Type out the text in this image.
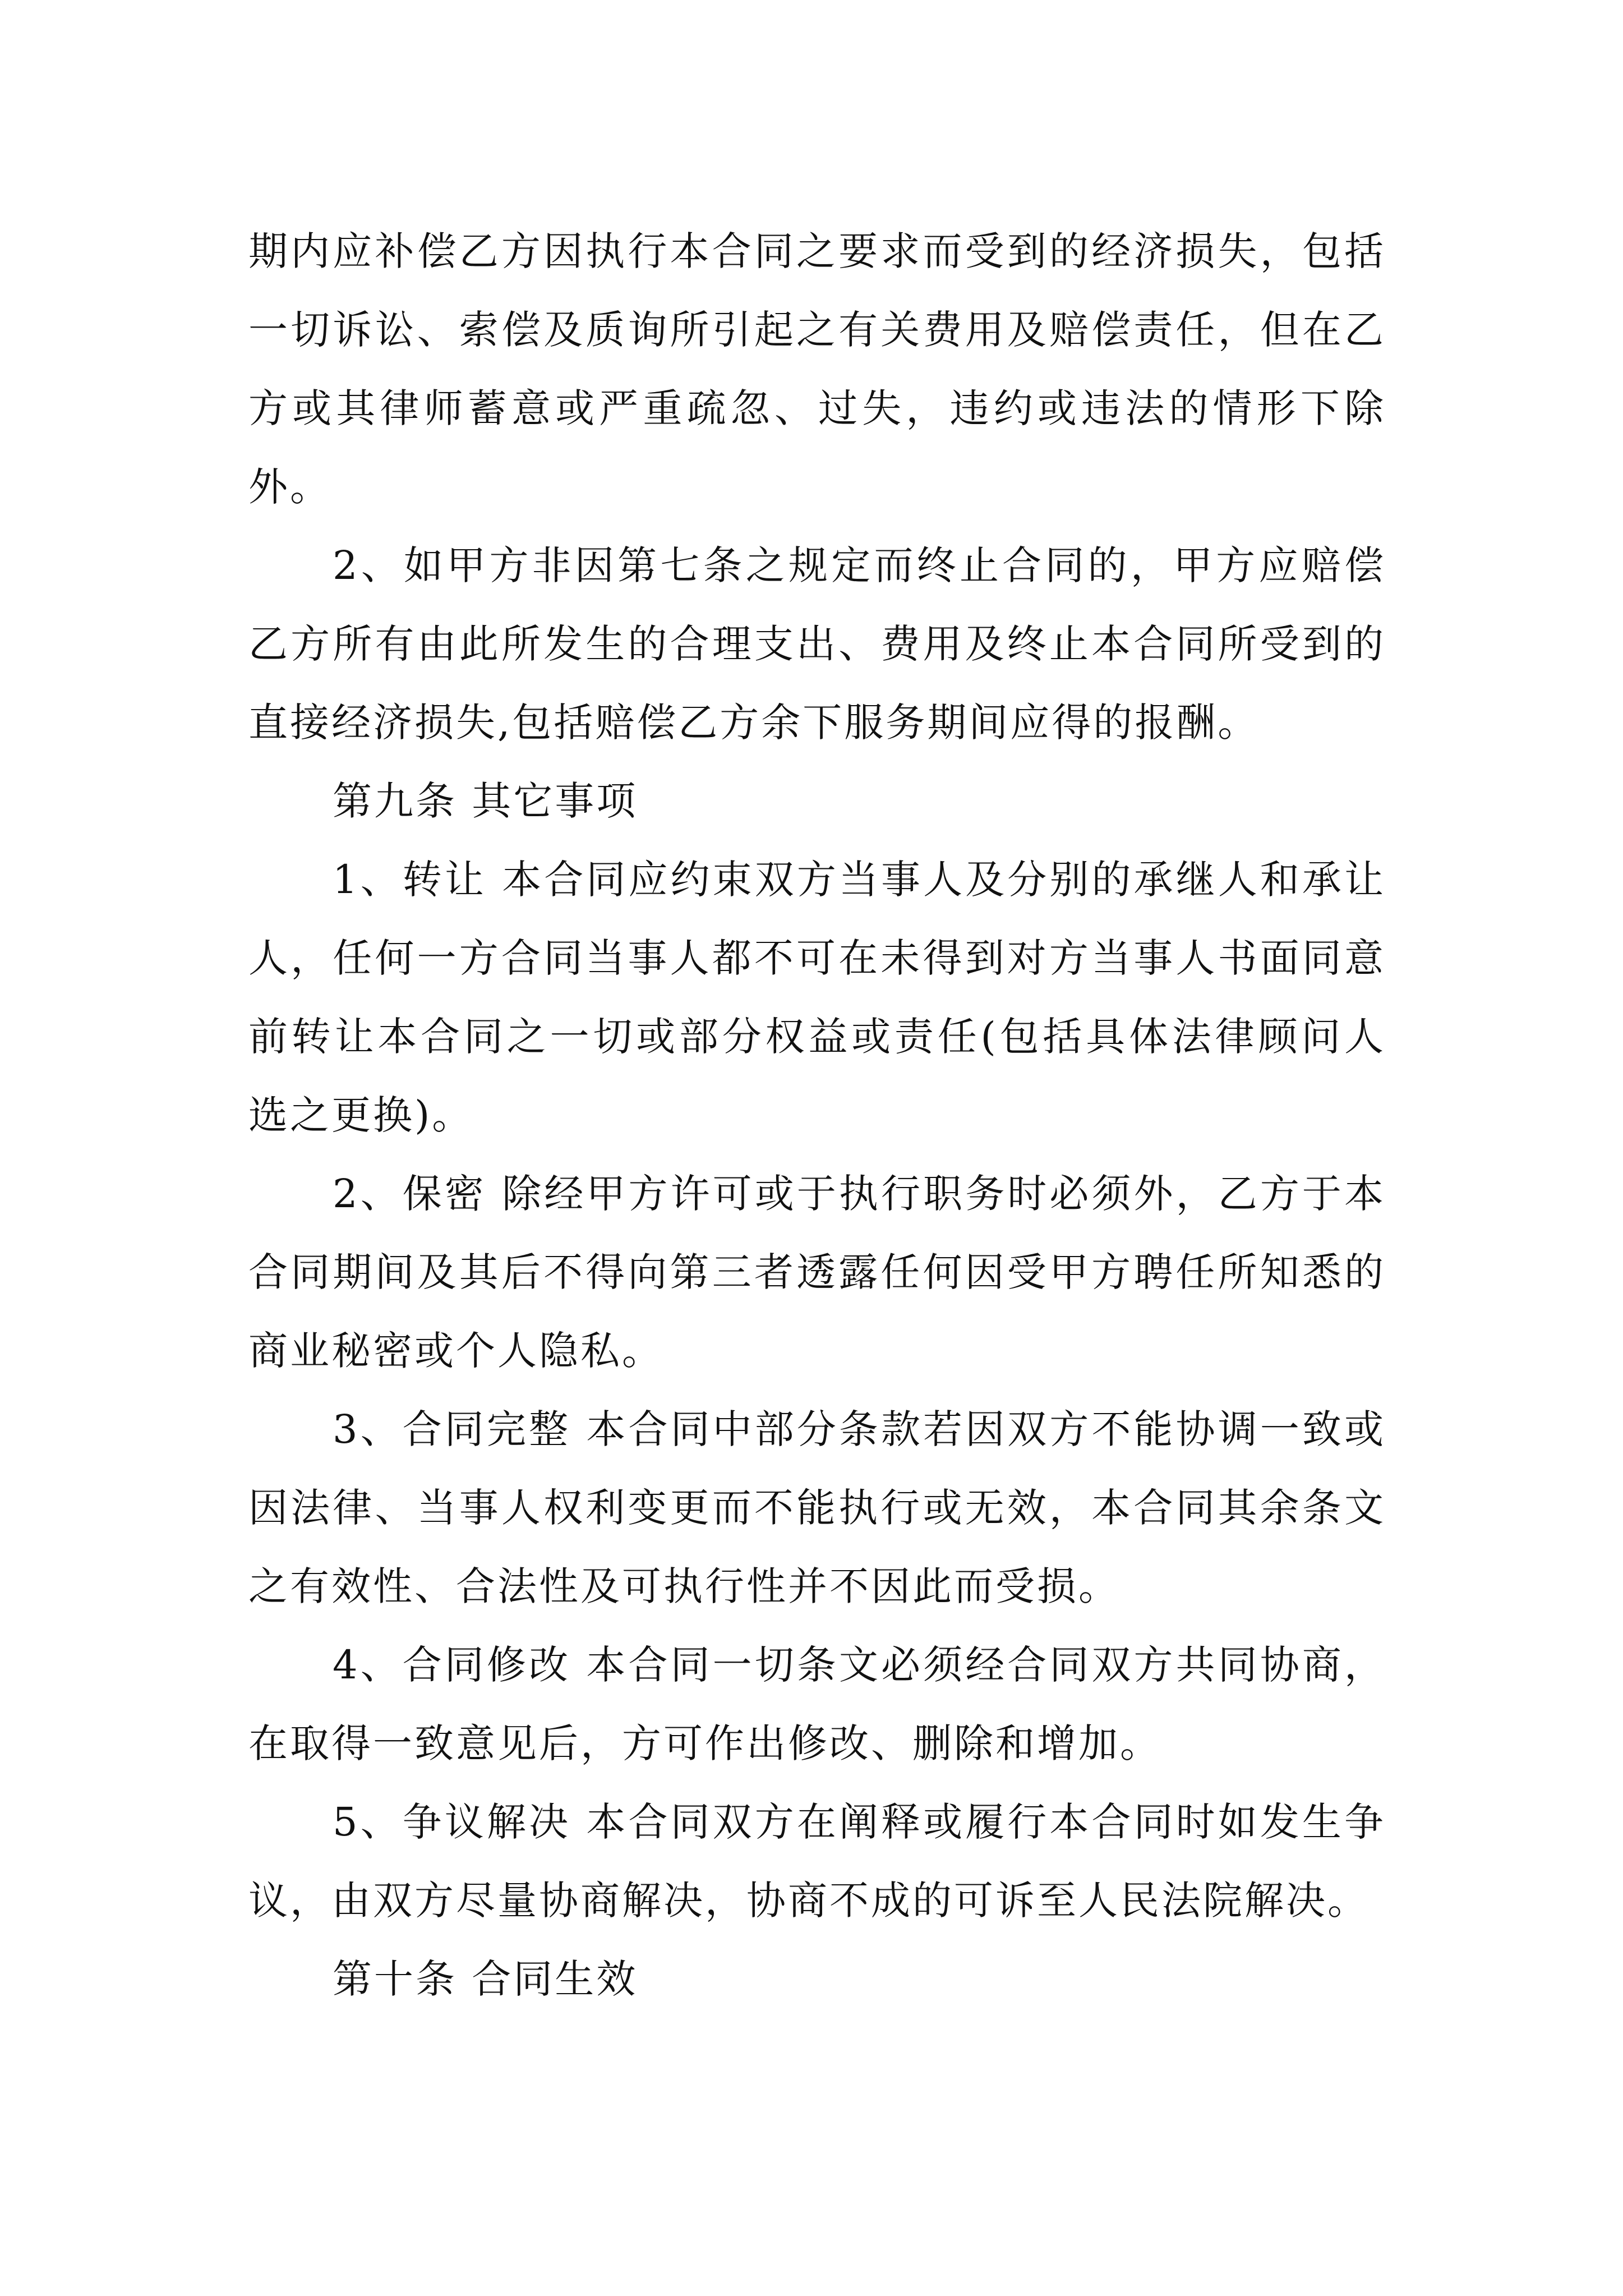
期内应补偿乙方因执行本合同之要求而受到的经济损失，包括一切诉讼、索偿及质询所引起之有关费用及赔偿责任，但在乙方或其律师蓄意或严重疏忽、过失，违约或违法的情形下除外。

2、如甲方非因第七条之规定而终止合同的，甲方应赔偿乙方所有由此所发生的合理支出、费用及终止本合同所受到的直接经济损失,包括赔偿乙方余下服务期间应得的报酬。

第九条 其它事项

1、转让 本合同应约束双方当事人及分别的承继人和承让人，任何一方合同当事人都不可在未得到对方当事人书面同意前转让本合同之一切或部分权益或责任(包括具体法律顾问人选之更换)。

2、保密 除经甲方许可或于执行职务时必须外，乙方于本合同期间及其后不得向第三者透露任何因受甲方聘任所知悉的商业秘密或个人隐私。

3、合同完整 本合同中部分条款若因双方不能协调一致或因法律、当事人权利变更而不能执行或无效，本合同其余条文之有效性、合法性及可执行性并不因此而受损。

4、合同修改 本合同一切条文必须经合同双方共同协商，在取得一致意见后，方可作出修改、删除和增加。

5、争议解决 本合同双方在阐释或履行本合同时如发生争议，由双方尽量协商解决，协商不成的可诉至人民法院解决。

第十条 合同生效
